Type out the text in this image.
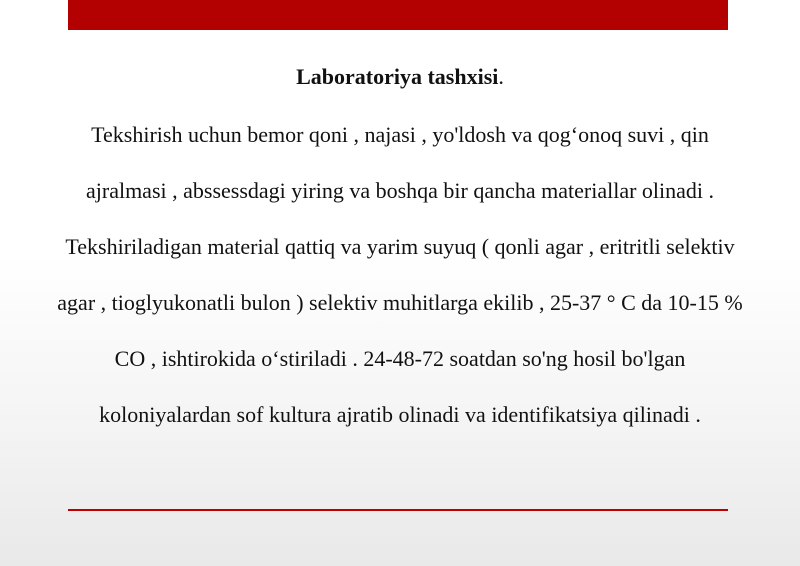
Laboratoriya tashxisi.

Tekshirish uchun bemor qoni , najasi , yo'ldosh va qog‘onoq suvi , qin ajralmasi , abssessdagi yiring va boshqa bir qancha materiallar olinadi . Tekshiriladigan material qattiq va yarim suyuq ( qonli agar , eritritli selektiv agar , tioglyukonatli bulon ) selektiv muhitlarga ekilib , 25-37 ° C da 10-15 % CO , ishtirokida o‘stiriladi . 24-48-72 soatdan so'ng hosil bo'lgan koloniyalardan sof kultura ajratib olinadi va identifikatsiya qilinadi .
